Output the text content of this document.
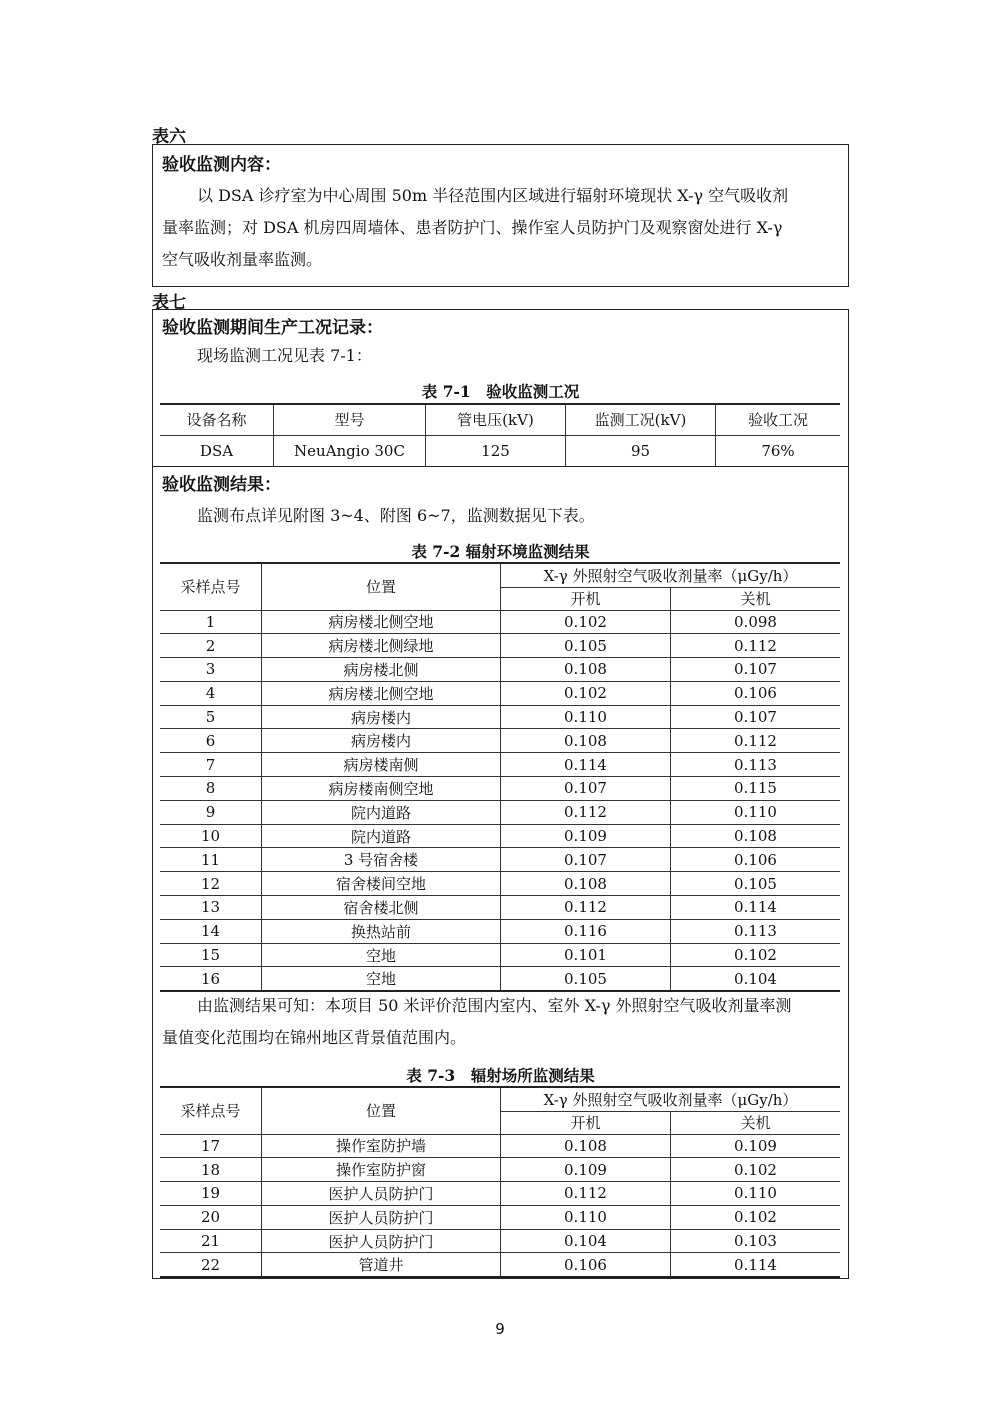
表六
验收监测内容：
以 DSA 诊疗室为中心周围 50m 半径范围内区域进行辐射环境现状 X-γ 空气吸收剂
量率监测；对 DSA 机房四周墙体、患者防护门、操作室人员防护门及观察窗处进行 X-γ
空气吸收剂量率监测。
表七
验收监测期间生产工况记录：
现场监测工况见表 7-1：
表 7-1　验收监测工况
设备名称	型号	管电压(kV)	监测工况(kV)	验收工况
DSA	NeuAngio 30C	125	95	76%
验收监测结果：
监测布点详见附图 3~4、附图 6~7，监测数据见下表。
表 7-2 辐射环境监测结果
采样点号	位置	X-γ 外照射空气吸收剂量率（μGy/h）	
		开机	关机
1	病房楼北侧空地	0.102	0.098
2	病房楼北侧绿地	0.105	0.112
3	病房楼北侧	0.108	0.107
4	病房楼北侧空地	0.102	0.106
5	病房楼内	0.110	0.107
6	病房楼内	0.108	0.112
7	病房楼南侧	0.114	0.113
8	病房楼南侧空地	0.107	0.115
9	院内道路	0.112	0.110
10	院内道路	0.109	0.108
11	3 号宿舍楼	0.107	0.106
12	宿舍楼间空地	0.108	0.105
13	宿舍楼北侧	0.112	0.114
14	换热站前	0.116	0.113
15	空地	0.101	0.102
16	空地	0.105	0.104
由监测结果可知：本项目 50 米评价范围内室内、室外 X-γ 外照射空气吸收剂量率测
量值变化范围均在锦州地区背景值范围内。
表 7-3　辐射场所监测结果
采样点号	位置	X-γ 外照射空气吸收剂量率（μGy/h）	
		开机	关机
17	操作室防护墙	0.108	0.109
18	操作室防护窗	0.109	0.102
19	医护人员防护门	0.112	0.110
20	医护人员防护门	0.110	0.102
21	医护人员防护门	0.104	0.103
22	管道井	0.106	0.114
9
